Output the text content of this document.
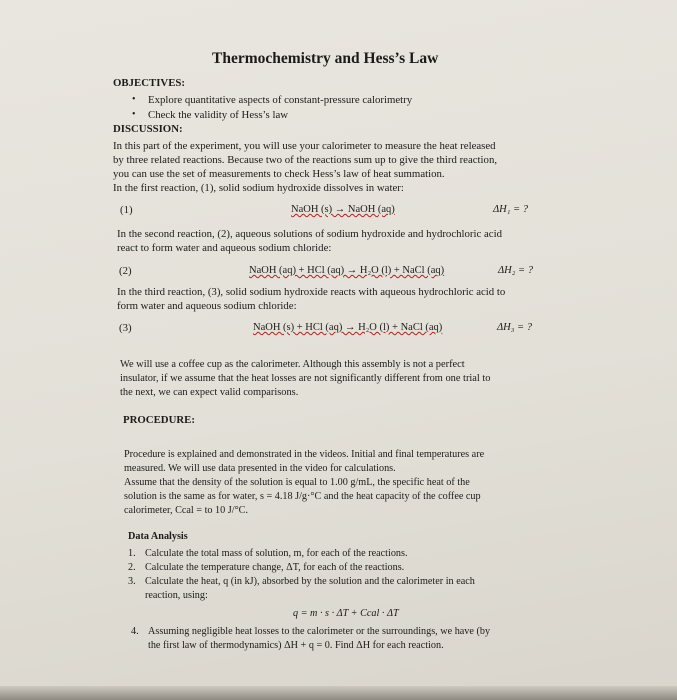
Thermochemistry and Hess’s Law
OBJECTIVES:
• Explore quantitative aspects of constant-pressure calorimetry
• Check the validity of Hess’s law
DISCUSSION:
In this part of the experiment, you will use your calorimeter to measure the heat released
by three related reactions. Because two of the reactions sum up to give the third reaction,
you can use the set of measurements to check Hess’s law of heat summation.
In the first reaction, (1), solid sodium hydroxide dissolves in water:
(1)	NaOH (s) → NaOH (aq)	ΔH₁ = ?
In the second reaction, (2), aqueous solutions of sodium hydroxide and hydrochloric acid
react to form water and aqueous sodium chloride:
(2)	NaOH (aq) + HCl (aq) → H₂O (l) + NaCl (aq)	ΔH₂ = ?
In the third reaction, (3), solid sodium hydroxide reacts with aqueous hydrochloric acid to
form water and aqueous sodium chloride:
(3)	NaOH (s) + HCl (aq) → H₂O (l) + NaCl (aq)	ΔH₃ = ?
We will use a coffee cup as the calorimeter. Although this assembly is not a perfect
insulator, if we assume that the heat losses are not significantly different from one trial to
the next, we can expect valid comparisons.
PROCEDURE:
Procedure is explained and demonstrated in the videos. Initial and final temperatures are
measured. We will use data presented in the video for calculations.
Assume that the density of the solution is equal to 1.00 g/mL, the specific heat of the
solution is the same as for water, s = 4.18 J/g·°C and the heat capacity of the coffee cup
calorimeter, Ccal = to 10 J/°C.
Data Analysis
1. Calculate the total mass of solution, m, for each of the reactions.
2. Calculate the temperature change, ΔT, for each of the reactions.
3. Calculate the heat, q (in kJ), absorbed by the solution and the calorimeter in each
reaction, using:
q = m · s · ΔT + Ccal · ΔT
4. Assuming negligible heat losses to the calorimeter or the surroundings, we have (by
the first law of thermodynamics) ΔH + q = 0. Find ΔH for each reaction.
